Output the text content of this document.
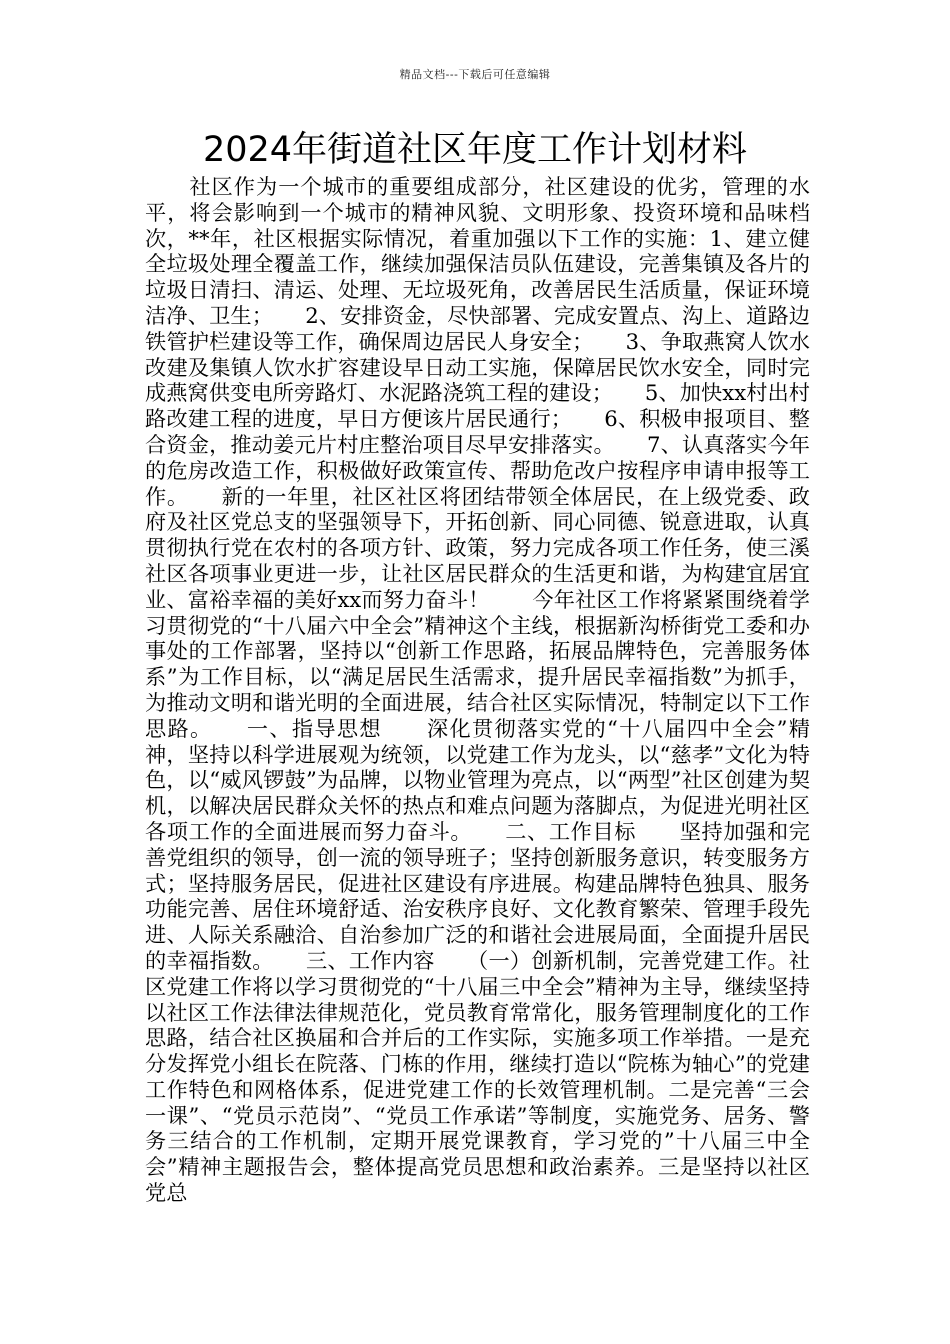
精品文档---下载后可任意编辑
2024年街道社区年度工作计划材料

　　社区作为一个城市的重要组成部分，社区建设的优劣，管理的水平，将会影响到一个城市的精神风貌、文明形象、投资环境和品味档次，**年，社区根据实际情况，着重加强以下工作的实施：1、建立健全垃圾处理全覆盖工作，继续加强保洁员队伍建设，完善集镇及各片的垃圾日清扫、清运、处理、无垃圾死角，改善居民生活质量，保证环境洁净、卫生；　　2、安排资金，尽快部署、完成安置点、沟上、道路边铁管护栏建设等工作，确保周边居民人身安全；　　3、争取燕窝人饮水改建及集镇人饮水扩容建设早日动工实施，保障居民饮水安全，同时完成燕窝供变电所旁路灯、水泥路浇筑工程的建设；　　5、加快xx村出村路改建工程的进度，早日方便该片居民通行；　　6、积极申报项目、整合资金，推动姜元片村庄整治项目尽早安排落实。　　7、认真落实今年的危房改造工作，积极做好政策宣传、帮助危改户按程序申请申报等工作。　　新的一年里，社区社区将团结带领全体居民，在上级党委、政府及社区党总支的坚强领导下，开拓创新、同心同德、锐意进取，认真贯彻执行党在农村的各项方针、政策，努力完成各项工作任务，使三溪社区各项事业更进一步，让社区居民群众的生活更和谐，为构建宜居宜业、富裕幸福的美好xx而努力奋斗！　　今年社区工作将紧紧围绕着学习贯彻党的“十八届六中全会”精神这个主线，根据新沟桥街党工委和办事处的工作部署，坚持以“创新工作思路，拓展品牌特色，完善服务体系”为工作目标，以“满足居民生活需求，提升居民幸福指数”为抓手，为推动文明和谐光明的全面进展，结合社区实际情况，特制定以下工作思路。　　一、指导思想　　深化贯彻落实党的“十八届四中全会”精神，坚持以科学进展观为统领，以党建工作为龙头，以“慈孝”文化为特色，以“威风锣鼓”为品牌，以物业管理为亮点，以“两型”社区创建为契机，以解决居民群众关怀的热点和难点问题为落脚点，为促进光明社区各项工作的全面进展而努力奋斗。　　二、工作目标　　坚持加强和完善党组织的领导，创一流的领导班子；坚持创新服务意识，转变服务方式；坚持服务居民，促进社区建设有序进展。构建品牌特色独具、服务功能完善、居住环境舒适、治安秩序良好、文化教育繁荣、管理手段先进、人际关系融洽、自治参加广泛的和谐社会进展局面，全面提升居民的幸福指数。　　三、工作内容　　（一）创新机制，完善党建工作。社区党建工作将以学习贯彻党的“十八届三中全会”精神为主导，继续坚持以社区工作法律法律规范化，党员教育常常化，服务管理制度化的工作思路，结合社区换届和合并后的工作实际，实施多项工作举措。一是充分发挥党小组长在院落、门栋的作用，继续打造以“院栋为轴心”的党建工作特色和网格体系，促进党建工作的长效管理机制。二是完善“三会一课”、“党员示范岗”、“党员工作承诺”等制度，实施党务、居务、警务三结合的工作机制，定期开展党课教育，学习党的”十八届三中全会”精神主题报告会，整体提高党员思想和政治素养。三是坚持以社区党总
